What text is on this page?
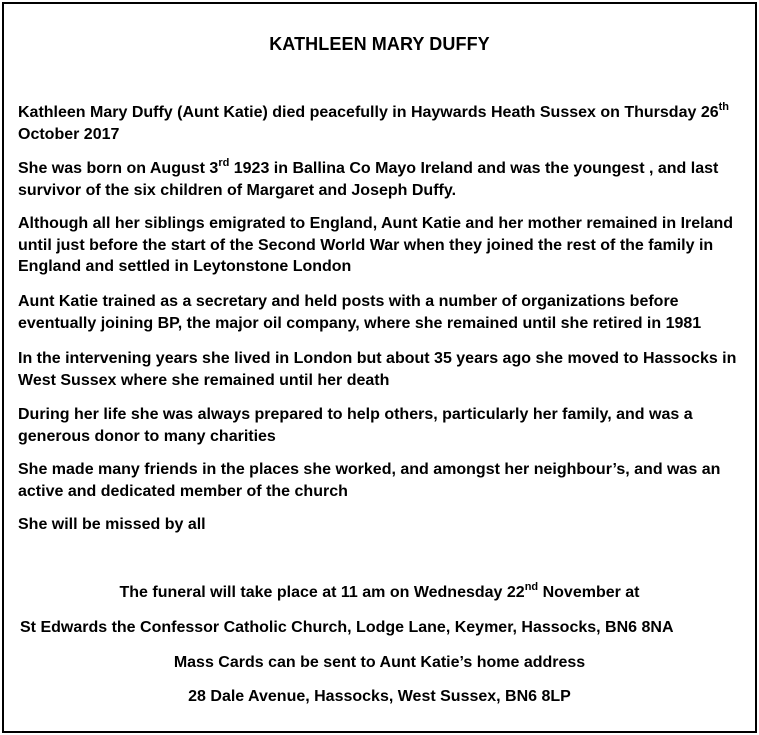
KATHLEEN MARY DUFFY
Kathleen Mary Duffy (Aunt Katie) died peacefully in Haywards Heath Sussex on Thursday 26th
October 2017
She was born on August 3rd 1923 in Ballina Co Mayo Ireland and was the youngest , and last survivor of the six children of Margaret and Joseph Duffy.
Although all her siblings emigrated to England, Aunt Katie and her mother remained in Ireland until just before the start of the Second World War when they joined the rest of the family in England and settled in Leytonstone London
Aunt Katie trained as a secretary and held posts with a number of organizations before eventually joining BP, the major oil company, where she remained until she retired in 1981
In the intervening years she lived in London but about 35 years ago she moved to Hassocks in West Sussex where she remained until her death
During her life she was always prepared to help others, particularly her family, and was a generous donor to many charities
She made many friends in the places she worked, and amongst her neighbour’s, and was an active and dedicated member of the church
She will be missed by all
The funeral will take place at 11 am on Wednesday 22nd November at
St Edwards the Confessor Catholic Church, Lodge Lane, Keymer, Hassocks, BN6 8NA
Mass Cards can be sent to Aunt Katie’s home address
28 Dale Avenue, Hassocks, West Sussex, BN6 8LP
